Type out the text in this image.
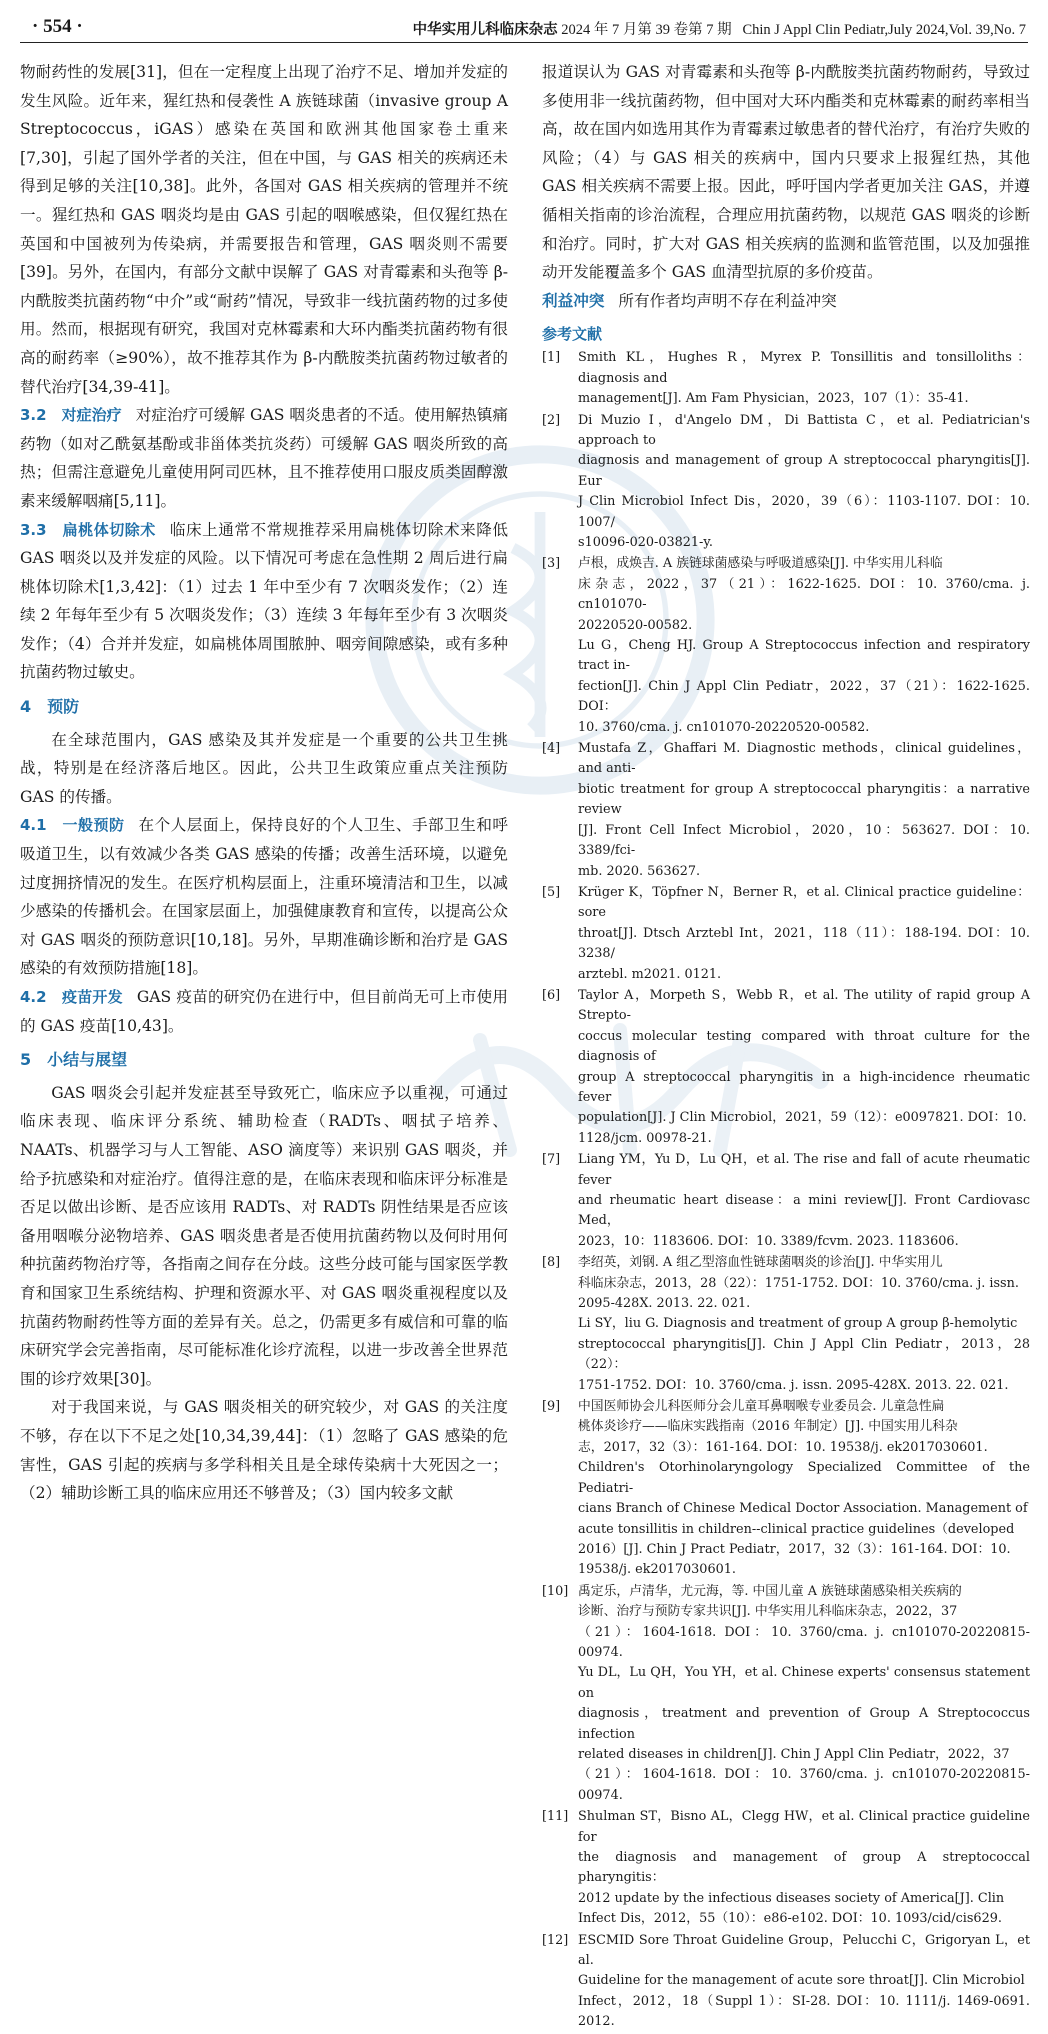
· 554 ·	中华实用儿科临床杂志 2024 年 7 月第 39 卷第 7 期 Chin J Appl Clin Pediatr,July 2024,Vol. 39,No. 7

物耐药性的发展[31]，但在一定程度上出现了治疗不足、增加并发症的发生风险。近年来，猩红热和侵袭性 A 族链球菌（invasive group A Streptococcus，iGAS）感染在英国和欧洲其他国家卷土重来[7,30]，引起了国外学者的关注，但在中国，与 GAS 相关的疾病还未得到足够的关注[10,38]。此外，各国对 GAS 相关疾病的管理并不统一。猩红热和 GAS 咽炎均是由 GAS 引起的咽喉感染，但仅猩红热在英国和中国被列为传染病，并需要报告和管理，GAS 咽炎则不需要[39]。另外，在国内，有部分文献中误解了 GAS 对青霉素和头孢等 β-内酰胺类抗菌药物“中介”或“耐药”情况，导致非一线抗菌药物的过多使用。然而，根据现有研究，我国对克林霉素和大环内酯类抗菌药物有很高的耐药率（≥90%），故不推荐其作为 β-内酰胺类抗菌药物过敏者的替代治疗[34,39-41]。

3.2　对症治疗 对症治疗可缓解 GAS 咽炎患者的不适。使用解热镇痛药物（如对乙酰氨基酚或非甾体类抗炎药）可缓解 GAS 咽炎所致的高热；但需注意避免儿童使用阿司匹林，且不推荐使用口服皮质类固醇激素来缓解咽痛[5,11]。

3.3　扁桃体切除术 临床上通常不常规推荐采用扁桃体切除术来降低 GAS 咽炎以及并发症的风险。以下情况可考虑在急性期 2 周后进行扁桃体切除术[1,3,42]：（1）过去 1 年中至少有 7 次咽炎发作；（2）连续 2 年每年至少有 5 次咽炎发作；（3）连续 3 年每年至少有 3 次咽炎发作；（4）合并并发症，如扁桃体周围脓肿、咽旁间隙感染，或有多种抗菌药物过敏史。

4　预防

在全球范围内，GAS 感染及其并发症是一个重要的公共卫生挑战，特别是在经济落后地区。因此，公共卫生政策应重点关注预防 GAS 的传播。

4.1　一般预防 在个人层面上，保持良好的个人卫生、手部卫生和呼吸道卫生，以有效减少各类 GAS 感染的传播；改善生活环境，以避免过度拥挤情况的发生。在医疗机构层面上，注重环境清洁和卫生，以减少感染的传播机会。在国家层面上，加强健康教育和宣传，以提高公众对 GAS 咽炎的预防意识[10,18]。另外，早期准确诊断和治疗是 GAS 感染的有效预防措施[18]。

4.2　疫苗开发 GAS 疫苗的研究仍在进行中，但目前尚无可上市使用的 GAS 疫苗[10,43]。

5　小结与展望

GAS 咽炎会引起并发症甚至导致死亡，临床应予以重视，可通过临床表现、临床评分系统、辅助检查（RADTs、咽拭子培养、NAATs、机器学习与人工智能、ASO 滴度等）来识别 GAS 咽炎，并给予抗感染和对症治疗。值得注意的是，在临床表现和临床评分标准是否足以做出诊断、是否应该用 RADTs、对 RADTs 阴性结果是否应该备用咽喉分泌物培养、GAS 咽炎患者是否使用抗菌药物以及何时用何种抗菌药物治疗等，各指南之间存在分歧。这些分歧可能与国家医学教育和国家卫生系统结构、护理和资源水平、对 GAS 咽炎重视程度以及抗菌药物耐药性等方面的差异有关。总之，仍需更多有威信和可靠的临床研究学会完善指南，尽可能标准化诊疗流程，以进一步改善全世界范围的诊疗效果[30]。

对于我国来说，与 GAS 咽炎相关的研究较少，对 GAS 的关注度不够，存在以下不足之处[10,34,39,44]：（1）忽略了 GAS 感染的危害性，GAS 引起的疾病与多学科相关且是全球传染病十大死因之一；（2）辅助诊断工具的临床应用还不够普及；（3）国内较多文献

报道误认为 GAS 对青霉素和头孢等 β-内酰胺类抗菌药物耐药，导致过多使用非一线抗菌药物，但中国对大环内酯类和克林霉素的耐药率相当高，故在国内如选用其作为青霉素过敏患者的替代治疗，有治疗失败的风险；（4）与 GAS 相关的疾病中，国内只要求上报猩红热，其他 GAS 相关疾病不需要上报。因此，呼吁国内学者更加关注 GAS，并遵循相关指南的诊治流程，合理应用抗菌药物，以规范 GAS 咽炎的诊断和治疗。同时，扩大对 GAS 相关疾病的监测和监管范围，以及加强推动开发能覆盖多个 GAS 血清型抗原的多价疫苗。

利益冲突 所有作者均声明不存在利益冲突

参考文献
[1] Smith KL，Hughes R，Myrex P. Tonsillitis and tonsilloliths：diagnosis and
management[J]. Am Fam Physician，2023，107（1）：35-41.
[2] Di Muzio I，d'Angelo DM，Di Battista C，et al. Pediatrician's approach to
diagnosis and management of group A streptococcal pharyngitis[J]. Eur
J Clin Microbiol Infect Dis，2020，39（6）：1103-1107. DOI：10. 1007/
s10096-020-03821-y.
[3] 卢根，成焕吉. A 族链球菌感染与呼吸道感染[J]. 中华实用儿科临
床杂志，2022，37（21）：1622-1625. DOI：10. 3760/cma. j. cn101070-
20220520-00582.
Lu G，Cheng HJ. Group A Streptococcus infection and respiratory tract in-
fection[J]. Chin J Appl Clin Pediatr，2022，37（21）：1622-1625. DOI：
10. 3760/cma. j. cn101070-20220520-00582.
[4] Mustafa Z，Ghaffari M. Diagnostic methods，clinical guidelines，and anti-
biotic treatment for group A streptococcal pharyngitis：a narrative review
[J]. Front Cell Infect Microbiol，2020，10：563627. DOI：10. 3389/fci-
mb. 2020. 563627.
[5] Krüger K，Töpfner N，Berner R，et al. Clinical practice guideline：sore
throat[J]. Dtsch Arztebl Int，2021，118（11）：188-194. DOI：10. 3238/
arztebl. m2021. 0121.
[6] Taylor A，Morpeth S，Webb R，et al. The utility of rapid group A Strepto-
coccus molecular testing compared with throat culture for the diagnosis of
group A streptococcal pharyngitis in a high-incidence rheumatic fever
population[J]. J Clin Microbiol，2021，59（12）：e0097821. DOI：10.
1128/jcm. 00978-21.
[7] Liang YM，Yu D，Lu QH，et al. The rise and fall of acute rheumatic fever
and rheumatic heart disease：a mini review[J]. Front Cardiovasc Med，
2023，10：1183606. DOI：10. 3389/fcvm. 2023. 1183606.
[8] 李绍英，刘钢. A 组乙型溶血性链球菌咽炎的诊治[J]. 中华实用儿
科临床杂志，2013，28（22）：1751-1752. DOI：10. 3760/cma. j. issn.
2095-428X. 2013. 22. 021.
Li SY，liu G. Diagnosis and treatment of group A group β-hemolytic
streptococcal pharyngitis[J]. Chin J Appl Clin Pediatr，2013，28（22）：
1751-1752. DOI：10. 3760/cma. j. issn. 2095-428X. 2013. 22. 021.
[9] 中国医师协会儿科医师分会儿童耳鼻咽喉专业委员会. 儿童急性扁
桃体炎诊疗——临床实践指南（2016 年制定）[J]. 中国实用儿科杂
志，2017，32（3）：161-164. DOI：10. 19538/j. ek2017030601.
Children's Otorhinolaryngology Specialized Committee of the Pediatri-
cians Branch of Chinese Medical Doctor Association. Management of
acute tonsillitis in children--clinical practice guidelines（developed
2016）[J]. Chin J Pract Pediatr，2017，32（3）：161-164. DOI：10.
19538/j. ek2017030601.
[10] 禹定乐，卢清华，尤元海，等. 中国儿童 A 族链球菌感染相关疾病的
诊断、治疗与预防专家共识[J]. 中华实用儿科临床杂志，2022，37
（21）：1604-1618. DOI：10. 3760/cma. j. cn101070-20220815-00974.
Yu DL，Lu QH，You YH，et al. Chinese experts' consensus statement on
diagnosis，treatment and prevention of Group A Streptococcus infection
related diseases in children[J]. Chin J Appl Clin Pediatr，2022，37
（21）：1604-1618. DOI：10. 3760/cma. j. cn101070-20220815-00974.
[11] Shulman ST，Bisno AL，Clegg HW，et al. Clinical practice guideline for
the diagnosis and management of group A streptococcal pharyngitis：
2012 update by the infectious diseases society of America[J]. Clin
Infect Dis，2012，55（10）：e86-e102. DOI：10. 1093/cid/cis629.
[12] ESCMID Sore Throat Guideline Group，Pelucchi C，Grigoryan L，et al.
Guideline for the management of acute sore throat[J]. Clin Microbiol
Infect，2012，18（Suppl 1）：SI-28. DOI：10. 1111/j. 1469-0691. 2012.
